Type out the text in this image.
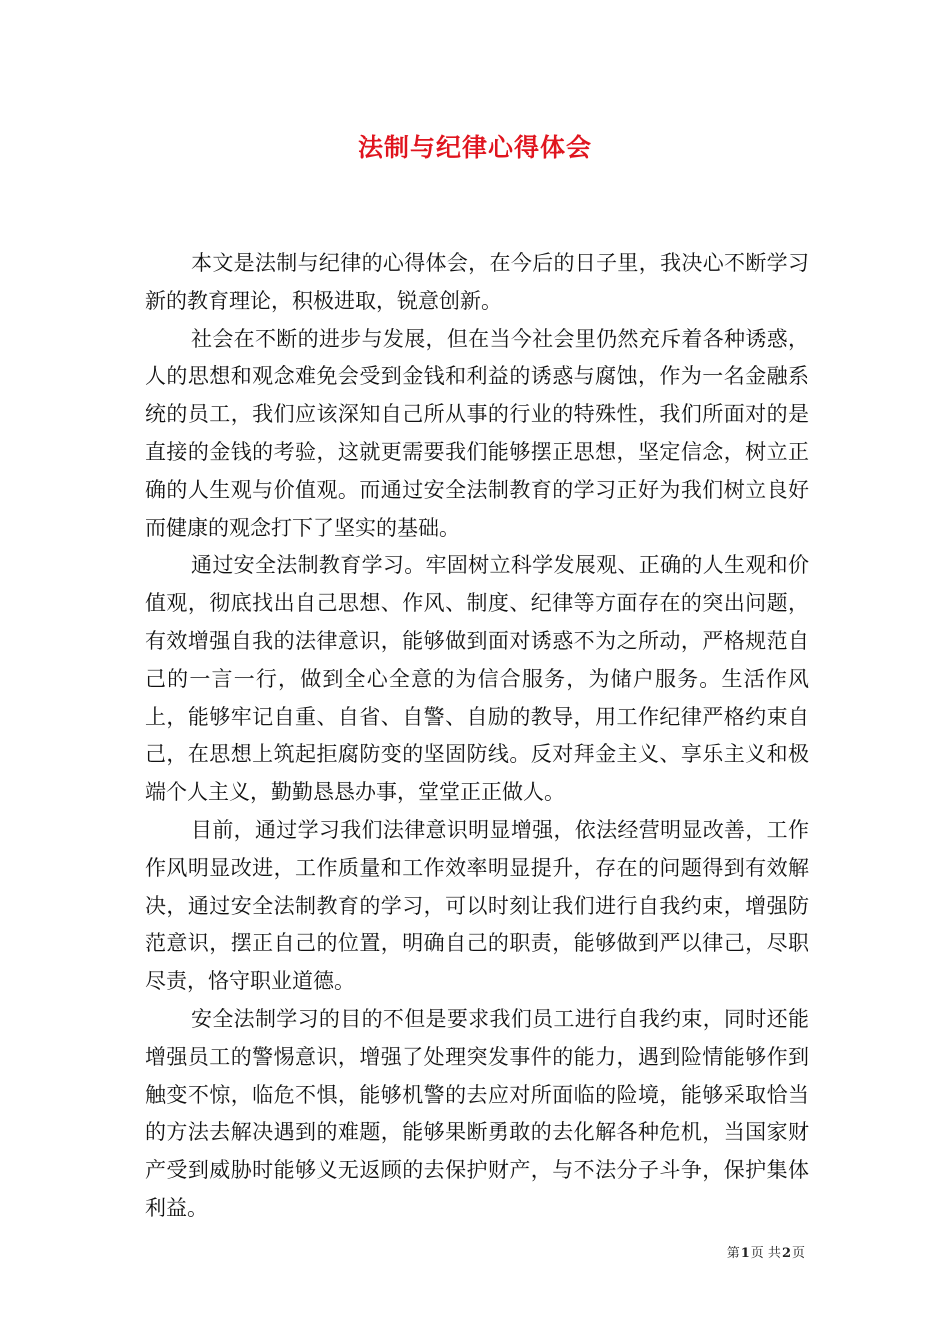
法制与纪律心得体会

本文是法制与纪律的心得体会，在今后的日子里，我决心不断学习新的教育理论，积极进取，锐意创新。

社会在不断的进步与发展，但在当今社会里仍然充斥着各种诱惑，人的思想和观念难免会受到金钱和利益的诱惑与腐蚀，作为一名金融系统的员工，我们应该深知自己所从事的行业的特殊性，我们所面对的是直接的金钱的考验，这就更需要我们能够摆正思想，坚定信念，树立正确的人生观与价值观。而通过安全法制教育的学习正好为我们树立良好而健康的观念打下了坚实的基础。

通过安全法制教育学习。牢固树立科学发展观、正确的人生观和价值观，彻底找出自己思想、作风、制度、纪律等方面存在的突出问题，有效增强自我的法律意识，能够做到面对诱惑不为之所动，严格规范自己的一言一行，做到全心全意的为信合服务，为储户服务。生活作风上，能够牢记自重、自省、自警、自励的教导，用工作纪律严格约束自己，在思想上筑起拒腐防变的坚固防线。反对拜金主义、享乐主义和极端个人主义，勤勤恳恳办事，堂堂正正做人。

目前，通过学习我们法律意识明显增强，依法经营明显改善，工作作风明显改进，工作质量和工作效率明显提升，存在的问题得到有效解决，通过安全法制教育的学习，可以时刻让我们进行自我约束，增强防范意识，摆正自己的位置，明确自己的职责，能够做到严以律己，尽职尽责，恪守职业道德。

安全法制学习的目的不但是要求我们员工进行自我约束，同时还能增强员工的警惕意识，增强了处理突发事件的能力，遇到险情能够作到触变不惊，临危不惧，能够机警的去应对所面临的险境，能够采取恰当的方法去解决遇到的难题，能够果断勇敢的去化解各种危机，当国家财产受到威胁时能够义无返顾的去保护财产，与不法分子斗争，保护集体利益。

第1页 共2页
